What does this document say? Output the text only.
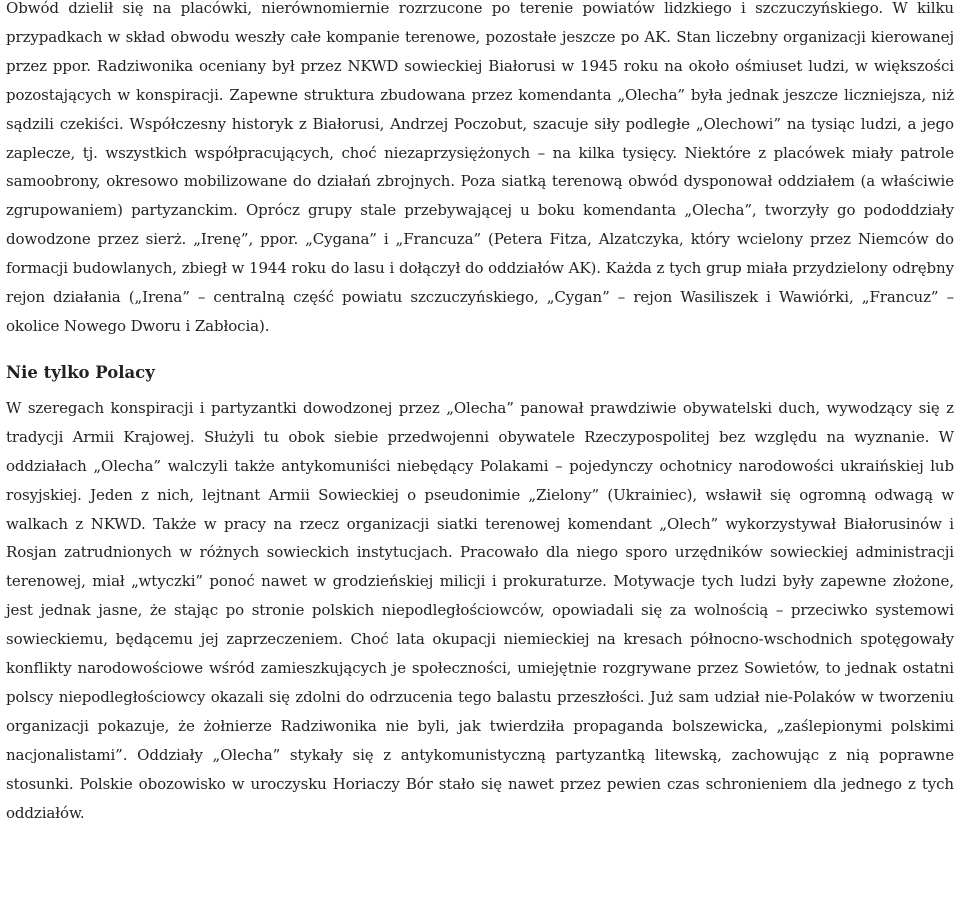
Obwód dzielił się na placówki, nierównomiernie rozrzucone po terenie powiatów lidzkiego i szczuczyńskiego. W kilku przypadkach w skład obwodu weszły całe kompanie terenowe, pozostałe jeszcze po AK. Stan liczebny organizacji kierowanej przez ppor. Radziwonika oceniany był przez NKWD sowieckiej Białorusi w 1945 roku na około ośmiuset ludzi, w większości pozostających w konspiracji. Zapewne struktura zbudowana przez komendanta „Olecha” była jednak jeszcze liczniejsza, niż sądzili czekiści. Współczesny historyk z Białorusi, Andrzej Poczobut, szacuje siły podległe „Olechowi” na tysiąc ludzi, a jego zaplecze, tj. wszystkich współpracujących, choć niezaprzysiężonych – na kilka tysięcy. Niektóre z placówek miały patrole samoobrony, okresowo mobilizowane do działań zbrojnych. Poza siatką terenową obwód dysponował oddziałem (a właściwie zgrupowaniem) partyzanckim. Oprócz grupy stale przebywającej u boku komendanta „Olecha”, tworzyły go pododdziały dowodzone przez sierż. „Irenę”, ppor. „Cygana” i „Francuza” (Petera Fitza, Alzatczyka, który wcielony przez Niemców do formacji budowlanych, zbiegł w 1944 roku do lasu i dołączył do oddziałów AK). Każda z tych grup miała przydzielony odrębny rejon działania („Irena” – centralną część powiatu szczuczyńskiego, „Cygan” – rejon Wasiliszek i Wawiórki, „Francuz” – okolice Nowego Dworu i Zabłocia).

Nie tylko Polacy

W szeregach konspiracji i partyzantki dowodzonej przez „Olecha” panował prawdziwie obywatelski duch, wywodzący się z tradycji Armii Krajowej. Służyli tu obok siebie przedwojenni obywatele Rzeczypospolitej bez względu na wyznanie. W oddziałach „Olecha” walczyli także antykomuniści niebędący Polakami – pojedynczy ochotnicy narodowości ukraińskiej lub rosyjskiej. Jeden z nich, lejtnant Armii Sowieckiej o pseudonimie „Zielony” (Ukrainiec), wsławił się ogromną odwagą w walkach z NKWD. Także w pracy na rzecz organizacji siatki terenowej komendant „Olech” wykorzystywał Białorusinów i Rosjan zatrudnionych w różnych sowieckich instytucjach. Pracowało dla niego sporo urzędników sowieckiej administracji terenowej, miał „wtyczki” ponoć nawet w grodzieńskiej milicji i prokuraturze. Motywacje tych ludzi były zapewne złożone, jest jednak jasne, że stając po stronie polskich niepodległościowców, opowiadali się za wolnością – przeciwko systemowi sowieckiemu, będącemu jej zaprzeczeniem. Choć lata okupacji niemieckiej na kresach północno-wschodnich spotęgowały konflikty narodowościowe wśród zamieszkujących je społeczności, umiejętnie rozgrywane przez Sowietów, to jednak ostatni polscy niepodległościowcy okazali się zdolni do odrzucenia tego balastu przeszłości. Już sam udział nie-Polaków w tworzeniu organizacji pokazuje, że żołnierze Radziwonika nie byli, jak twierdziła propaganda bolszewicka, „zaślepionymi polskimi nacjonalistami”. Oddziały „Olecha” stykały się z antykomunistyczną partyzantką litewską, zachowując z nią poprawne stosunki. Polskie obozowisko w uroczysku Horiaczy Bór stało się nawet przez pewien czas schronieniem dla jednego z tych oddziałów.
